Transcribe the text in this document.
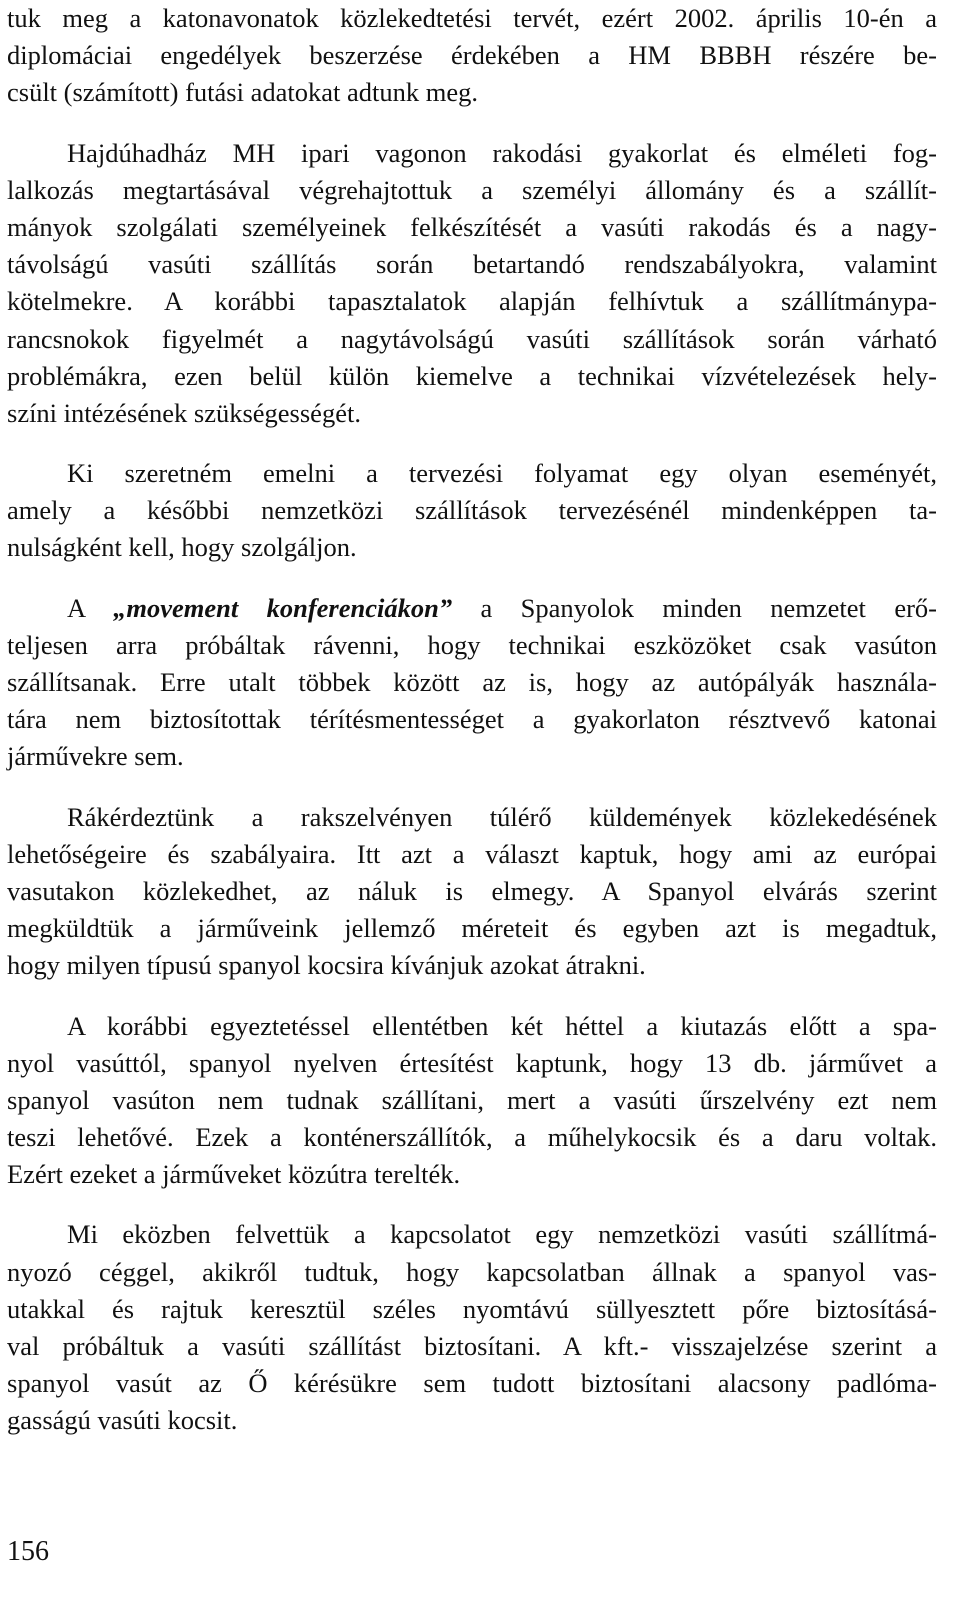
tuk meg a katonavonatok közlekedtetési tervét, ezért 2002. április 10-én a
diplomáciai engedélyek beszerzése érdekében a HM BBBH részére be-
csült (számított) futási adatokat adtunk meg.
Hajdúhadház MH ipari vagonon rakodási gyakorlat és elméleti fog-
lalkozás megtartásával végrehajtottuk a személyi állomány és a szállít-
mányok szolgálati személyeinek felkészítését a vasúti rakodás és a nagy-
távolságú vasúti szállítás során betartandó rendszabályokra, valamint
kötelmekre. A korábbi tapasztalatok alapján felhívtuk a szállítmánypa-
rancsnokok figyelmét a nagytávolságú vasúti szállítások során várható
problémákra, ezen belül külön kiemelve a technikai vízvételezések hely-
színi intézésének szükségességét.
Ki szeretném emelni a tervezési folyamat egy olyan eseményét,
amely a későbbi nemzetközi szállítások tervezésénél mindenképpen ta-
nulságként kell, hogy szolgáljon.
A „movement konferenciákon” a Spanyolok minden nemzetet erő-
teljesen arra próbáltak rávenni, hogy technikai eszközöket csak vasúton
szállítsanak. Erre utalt többek között az is, hogy az autópályák használa-
tára nem biztosítottak térítésmentességet a gyakorlaton résztvevő katonai
járművekre sem.
Rákérdeztünk a rakszelvényen túlérő küldemények közlekedésének
lehetőségeire és szabályaira. Itt azt a választ kaptuk, hogy ami az európai
vasutakon közlekedhet, az náluk is elmegy. A Spanyol elvárás szerint
megküldtük a járműveink jellemző méreteit és egyben azt is megadtuk,
hogy milyen típusú spanyol kocsira kívánjuk azokat átrakni.
A korábbi egyeztetéssel ellentétben két héttel a kiutazás előtt a spa-
nyol vasúttól, spanyol nyelven értesítést kaptunk, hogy 13 db. járművet a
spanyol vasúton nem tudnak szállítani, mert a vasúti űrszelvény ezt nem
teszi lehetővé. Ezek a konténerszállítók, a műhelykocsik és a daru voltak.
Ezért ezeket a járműveket közútra terelték.
Mi eközben felvettük a kapcsolatot egy nemzetközi vasúti szállítmá-
nyozó céggel, akikről tudtuk, hogy kapcsolatban állnak a spanyol vas-
utakkal és rajtuk keresztül széles nyomtávú süllyesztett pőre biztosításá-
val próbáltuk a vasúti szállítást biztosítani. A kft.- visszajelzése szerint a
spanyol vasút az Ő kérésükre sem tudott biztosítani alacsony padlóma-
gasságú vasúti kocsit.
156
